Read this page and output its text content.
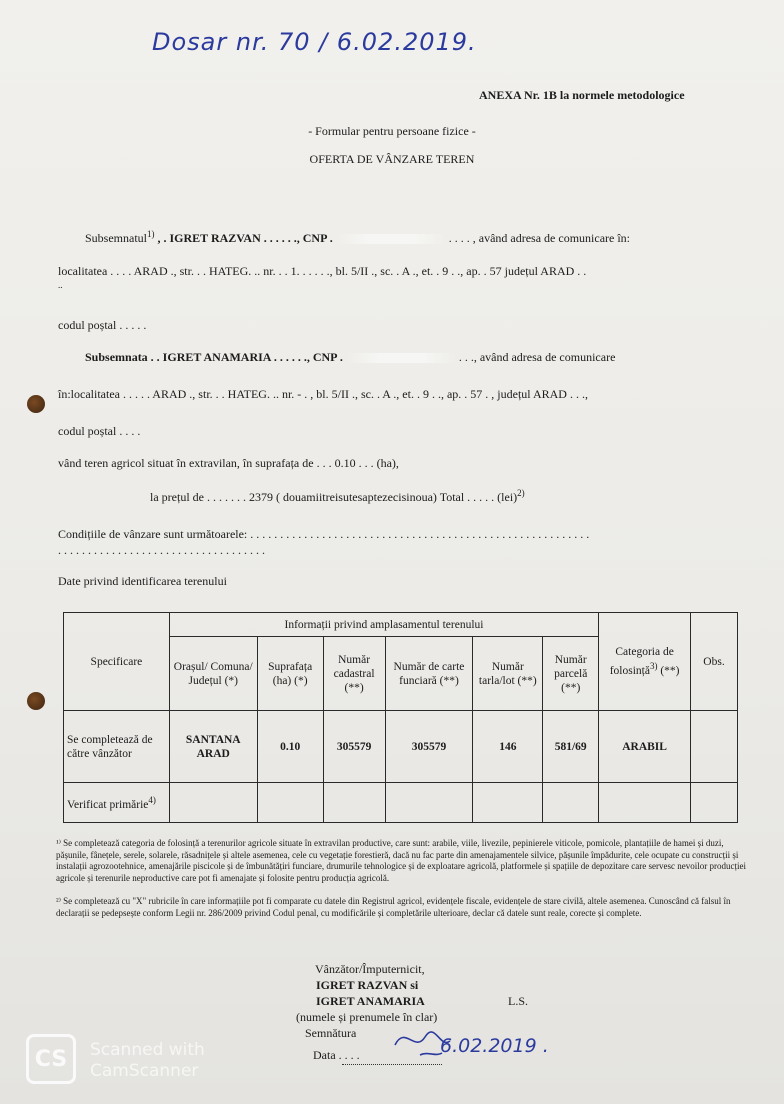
Dosar nr. 70 / 6.02.2019.
ANEXA Nr. 1B la normele metodologice
- Formular pentru persoane fizice -
OFERTA DE VÂNZARE TEREN
Subsemnatul$^{1)}$ , . IGRET RAZVAN . . . . . ., CNP .	. . . . , având adresa de comunicare în:
localitatea . . . . ARAD ., str. . . HATEG. .. nr. . . 1. . . . . ., bl. 5/II ., sc. . A ., et. . 9 . ., ap. . 57 județul ARAD . .
..
codul poștal . . . . .
Subsemnata . . IGRET ANAMARIA . . . . . ., CNP .	. . ., având adresa de comunicare
în:localitatea . . . . . ARAD ., str. . . HATEG. .. nr. - . , bl. 5/II ., sc. . A ., et. . 9 . ., ap. . 57 . , județul ARAD . . .,
codul poștal . . . .
vând teren agricol situat în extravilan, în suprafața de . . . 0.10 . . . (ha),
la prețul de . . . . . . . 2379 ( douamiitreisutesaptezecisinoua) Total . . . . . (lei)$^{2)}$
Condițiile de vânzare sunt următoarele: . . . . . . . . . . . . . . . . . . . . . . . . . . . . . . . . . . . . . . . . . . . . . . . . . . . . . . . . .
. . . . . . . . . . . . . . . . . . . . . . . . . . . . . . . . . . .
Date privind identificarea terenului
Specificare	Informații privind amplasamentul terenului						Categoria de folosință$^{3)}$ (**)	Obs.
	Orașul/ Comuna/ Județul (*)	Suprafața (ha) (*)	Număr cadastral (**)	Număr de carte funciară (**)	Număr tarla/lot (**)	Număr parcelă (**)		
Se completează de către vânzător	SANTANA ARAD	0.10	305579	305579	146	581/69	ARABIL	
Verificat primărie$^{4)}$								
¹⁾ Se completează categoria de folosință a terenurilor agricole situate în extravilan productive, care sunt: arabile, viile, livezile, pepinierele viticole, pomicole, plantațiile de hamei și duzi, pășunile, fânețele, serele, solarele, răsadnițele și altele asemenea, cele cu vegetație forestieră, dacă nu fac parte din amenajamentele silvice, pășunile împădurite, cele ocupate cu construcții și instalații agrozootehnice, amenajările piscicole și de îmbunătățiri funciare, drumurile tehnologice și de exploatare agricolă, platformele și spațiile de depozitare care servesc nevoilor producției agricole și terenurile neproductive care pot fi amenajate și folosite pentru producția agricolă.
²⁾ Se completează cu "X" rubricile în care informațiile pot fi comparate cu datele din Registrul agricol, evidențele fiscale, evidențele de stare civilă, altele asemenea. Cunoscând că falsul în declarații se pedepsește conform Legii nr. 286/2009 privind Codul penal, cu modificările și completările ulterioare, declar că datele sunt reale, corecte și complete.
Vânzător/Împuternicit,
IGRET RAZVAN si
IGRET ANAMARIA	L.S.
(numele și prenumele în clar)
Semnătura
Data . . . .	6.02.2019 .
CS	Scanned with
CamScanner
